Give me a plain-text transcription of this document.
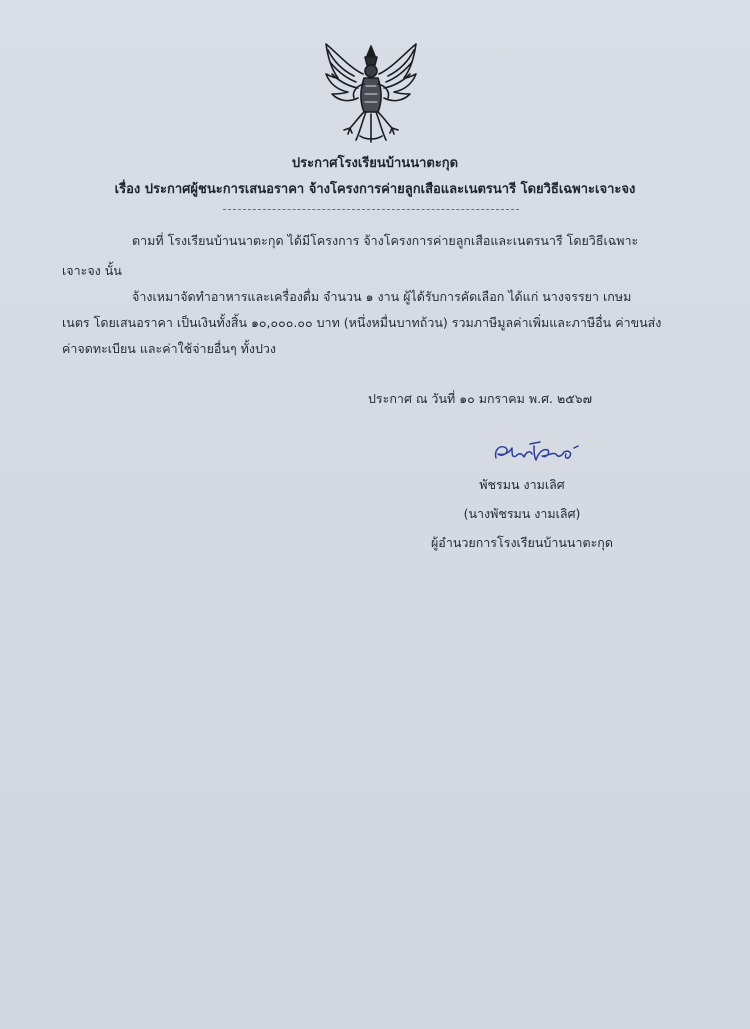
ประกาศโรงเรียนบ้านนาตะกุด
เรื่อง ประกาศผู้ชนะการเสนอราคา จ้างโครงการค่ายลูกเสือและเนตรนารี โดยวิธีเฉพาะเจาะจง
ตามที่ โรงเรียนบ้านนาตะกุด ได้มีโครงการ จ้างโครงการค่ายลูกเสือและเนตรนารี โดยวิธีเฉพาะ
เจาะจง นั้น
จ้างเหมาจัดทำอาหารและเครื่องดื่ม จำนวน ๑ งาน ผู้ได้รับการคัดเลือก ได้แก่ นางจรรยา เกษม
เนตร โดยเสนอราคา เป็นเงินทั้งสิ้น ๑๐,๐๐๐.๐๐ บาท (หนึ่งหมื่นบาทถ้วน) รวมภาษีมูลค่าเพิ่มและภาษีอื่น ค่าขนส่ง
ค่าจดทะเบียน และค่าใช้จ่ายอื่นๆ ทั้งปวง
ประกาศ ณ วันที่ ๑๐ มกราคม พ.ศ. ๒๕๖๗
พัชรมน งามเลิศ
(นางพัชรมน งามเลิศ)
ผู้อำนวยการโรงเรียนบ้านนาตะกุด
